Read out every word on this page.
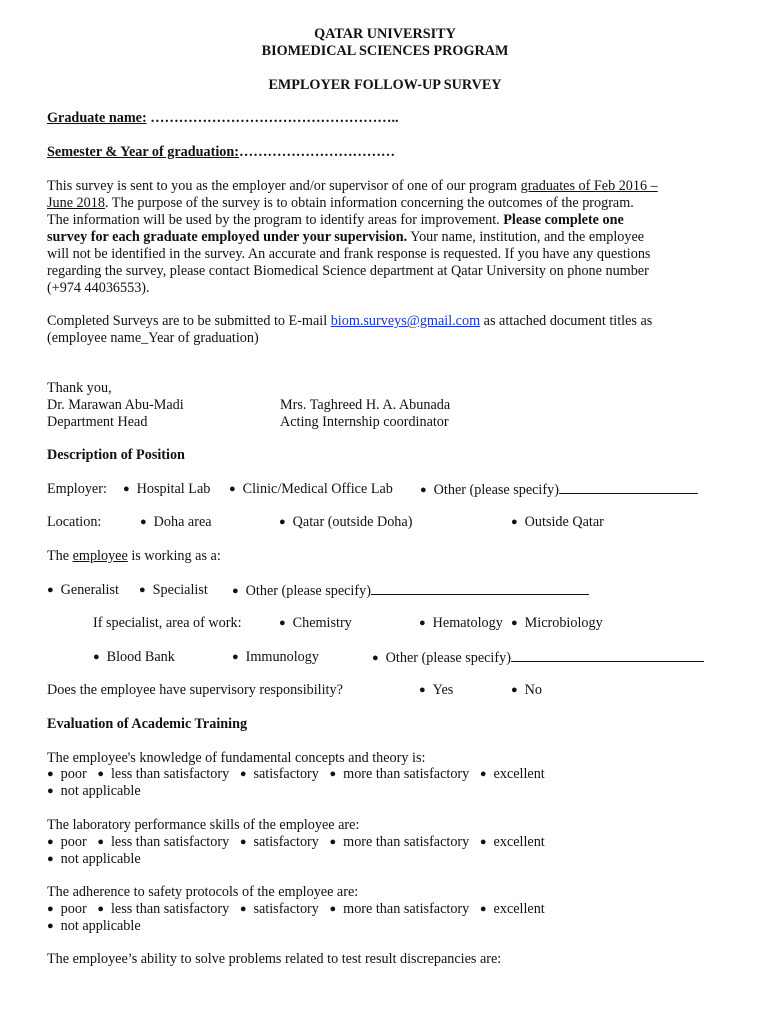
QATAR UNIVERSITY
BIOMEDICAL SCIENCES PROGRAM
EMPLOYER FOLLOW-UP SURVEY
Graduate name: ……………………………………………..
Semester & Year of graduation:……………………………
This survey is sent to you as the employer and/or supervisor of one of our program graduates of Feb 2016 –
June 2018. The purpose of the survey is to obtain information concerning the outcomes of the program.
The information will be used by the program to identify areas for improvement. Please complete one
survey for each graduate employed under your supervision. Your name, institution, and the employee
will not be identified in the survey. An accurate and frank response is requested. If you have any questions
regarding the survey, please contact Biomedical Science department at Qatar University on phone number
(+974 44036553).
Completed Surveys are to be submitted to E-mail biom.surveys@gmail.com as attached document titles as
(employee name_Year of graduation)
Thank you,
Dr. Marawan Abu-Madi
Department Head
Mrs. Taghreed H. A. Abunada
Acting Internship coordinator
Description of Position
Employer: ● Hospital Lab ● Clinic/Medical Office Lab ● Other (please specify)
Location:	● Doha area	● Qatar (outside Doha)	● Outside Qatar
The employee is working as a:
● Generalist ● Specialist ● Other (please specify)
If specialist, area of work:	● Chemistry	● Hematology ● Microbiology
● Blood Bank	● Immunology	● Other (please specify)
Does the employee have supervisory responsibility?	● Yes	● No
Evaluation of Academic Training
The employee's knowledge of fundamental concepts and theory is:
● poor ● less than satisfactory ● satisfactory ● more than satisfactory ● excellent
● not applicable
The laboratory performance skills of the employee are:
● poor ● less than satisfactory ● satisfactory ● more than satisfactory ● excellent
● not applicable
The adherence to safety protocols of the employee are:
● poor ● less than satisfactory ● satisfactory ● more than satisfactory ● excellent
● not applicable
The employee’s ability to solve problems related to test result discrepancies are:
